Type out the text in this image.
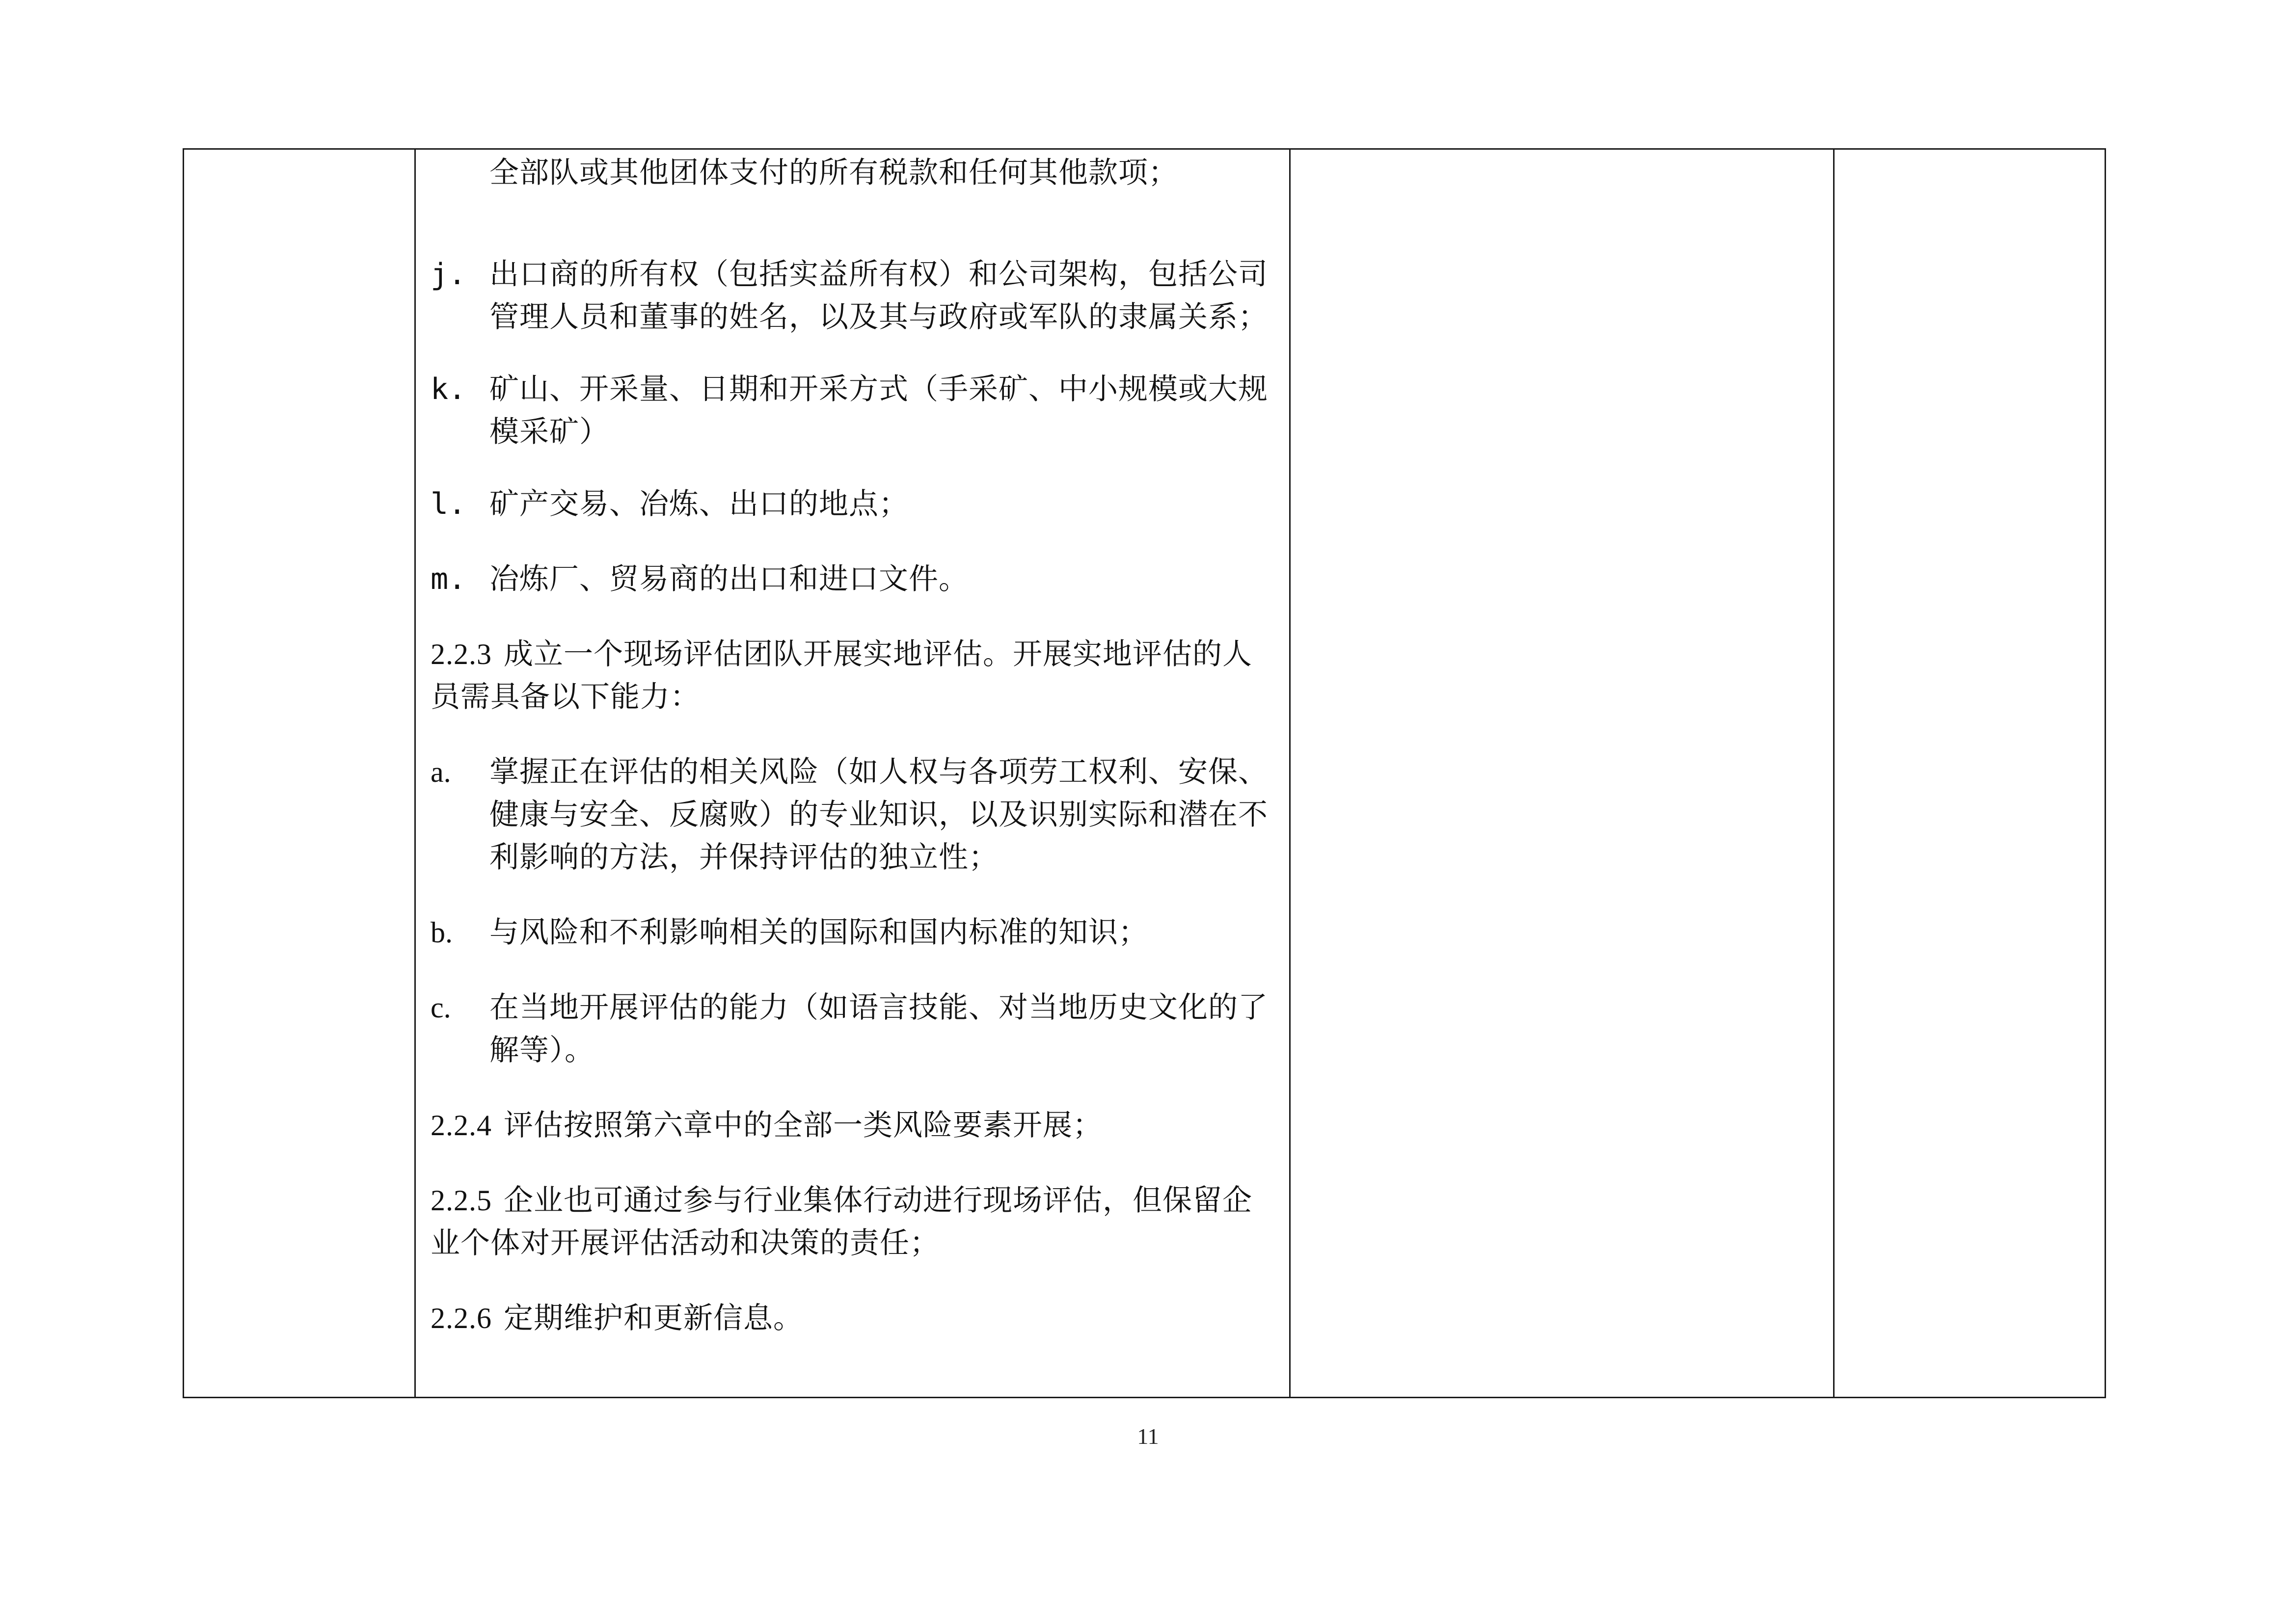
全部队或其他团体支付的所有税款和任何其他款项；

j. 出口商的所有权（包括实益所有权）和公司架构，包括公司管理人员和董事的姓名，以及其与政府或军队的隶属关系；
k. 矿山、开采量、日期和开采方式（手采矿、中小规模或大规模采矿）
l. 矿产交易、冶炼、出口的地点；
m. 冶炼厂、贸易商的出口和进口文件。

2.2.3 成立一个现场评估团队开展实地评估。开展实地评估的人员需具备以下能力：

a.	掌握正在评估的相关风险（如人权与各项劳工权利、安保、健康与安全、反腐败）的专业知识，以及识别实际和潜在不利影响的方法，并保持评估的独立性；
b.	与风险和不利影响相关的国际和国内标准的知识；
c.	在当地开展评估的能力（如语言技能、对当地历史文化的了解等）。

2.2.4 评估按照第六章中的全部一类风险要素开展；

2.2.5 企业也可通过参与行业集体行动进行现场评估，但保留企业个体对开展评估活动和决策的责任；

2.2.6 定期维护和更新信息。

11
